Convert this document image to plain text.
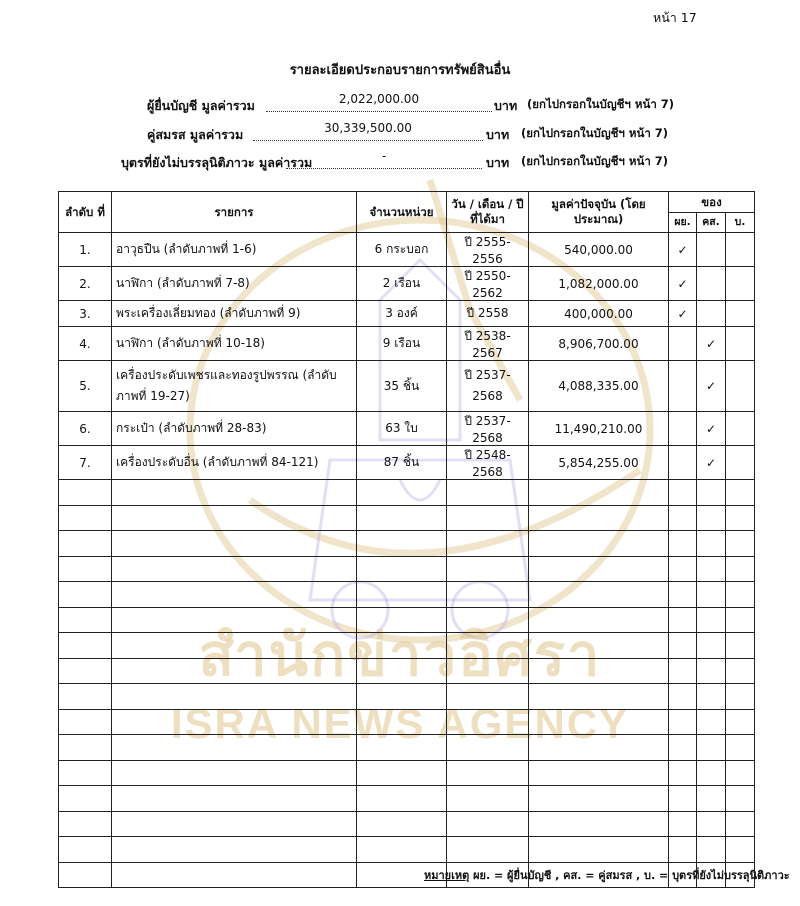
สำนักข่าวอิศรา
ISRA NEWS AGENCY
หน้า 17
รายละเอียดประกอบรายการทรัพย์สินอื่น
ผู้ยื่นบัญชี มูลค่ารวม	2,022,000.00	บาท (ยกไปกรอกในบัญชีฯ หน้า 7)
คู่สมรส มูลค่ารวม	30,339,500.00	บาท (ยกไปกรอกในบัญชีฯ หน้า 7)
บุตรที่ยังไม่บรรลุนิติภาวะ มูลค่ารวม	-	บาท (ยกไปกรอกในบัญชีฯ หน้า 7)
ลำดับ ที่	รายการ	จำนวนหน่วย	วัน / เดือน / ปี ที่ได้มา	มูลค่าปัจจุบัน (โดยประมาณ)	ของ		
					ผย.	คส.	บ.
1.	อาวุธปืน (ลำดับภาพที่ 1-6)	6 กระบอก	ปี 2555-2556	540,000.00	✓		
2.	นาฬิกา (ลำดับภาพที่ 7-8)	2 เรือน	ปี 2550-2562	1,082,000.00	✓		
3.	พระเครื่องเลี่ยมทอง (ลำดับภาพที่ 9)	3 องค์	ปี 2558	400,000.00	✓		
4.	นาฬิกา (ลำดับภาพที่ 10-18)	9 เรือน	ปี 2538-2567	8,906,700.00		✓	
5.	เครื่องประดับเพชรและทองรูปพรรณ (ลำดับภาพที่ 19-27)	35 ชิ้น	ปี 2537-2568	4,088,335.00		✓	
6.	กระเป๋า (ลำดับภาพที่ 28-83)	63 ใบ	ปี 2537-2568	11,490,210.00		✓	
7.	เครื่องประดับอื่น (ลำดับภาพที่ 84-121)	87 ชิ้น	ปี 2548-2568	5,854,255.00		✓	

หมายเหตุ ผย. = ผู้ยื่นบัญชี , คส. = คู่สมรส , บ. = บุตรที่ยังไม่บรรลุนิติภาวะ
